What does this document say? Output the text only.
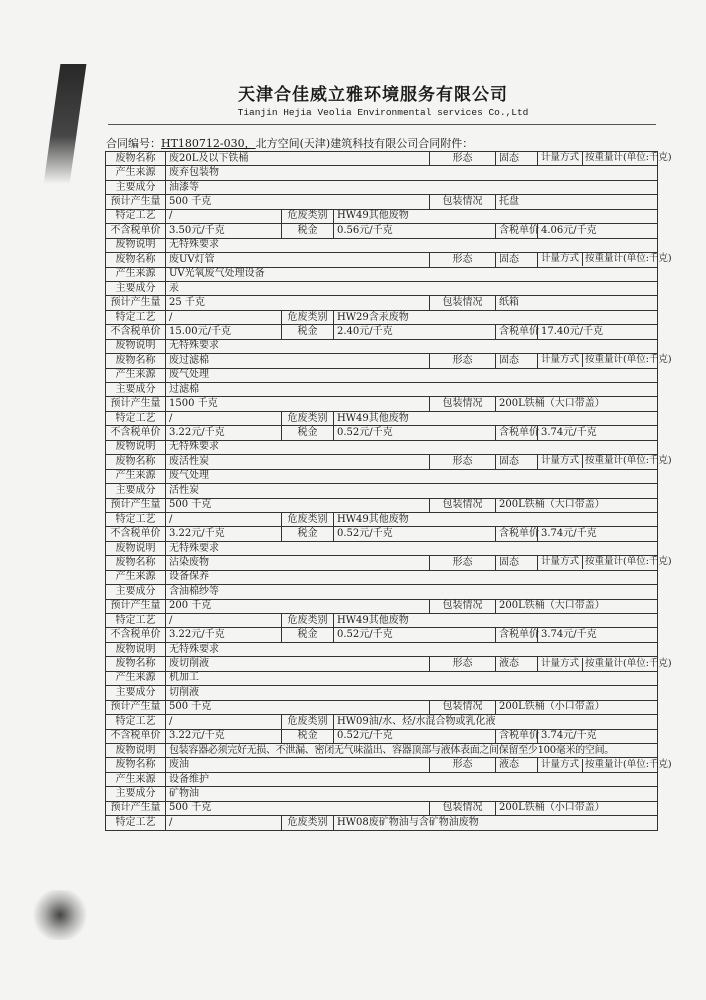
天津合佳威立雅环境服务有限公司
Tianjin Hejia Veolia Environmental services Co.,Ltd
合同编号：HT180712-030，北方空间(天津)建筑科技有限公司合同附件：
废物名称	废20L及以下铁桶			形态	固态	计量方式 按重量计(单位:千克)
产生来源	废弃包装物					
主要成分	油漆等					
预计产生量	500 千克			包装情况	托盘	
特定工艺	/	危废类别	HW49其他废物			
不含税单价	3.50元/千克	税金	0.56元/千克		含税单价	4.06元/千克
废物说明	无特殊要求					
废物名称	废UV灯管			形态	固态	计量方式 按重量计(单位:千克)
产生来源	UV光氧废气处理设备					
主要成分	汞					
预计产生量	25 千克			包装情况	纸箱	
特定工艺	/	危废类别	HW29含汞废物			
不含税单价	15.00元/千克	税金	2.40元/千克		含税单价	17.40元/千克
废物说明	无特殊要求					
废物名称	废过滤棉			形态	固态	计量方式 按重量计(单位:千克)
产生来源	废气处理					
主要成分	过滤棉					
预计产生量	1500 千克			包装情况	200L铁桶（大口带盖）	
特定工艺	/	危废类别	HW49其他废物			
不含税单价	3.22元/千克	税金	0.52元/千克		含税单价	3.74元/千克
废物说明	无特殊要求					
废物名称	废活性炭			形态	固态	计量方式 按重量计(单位:千克)
产生来源	废气处理					
主要成分	活性炭					
预计产生量	500 千克			包装情况	200L铁桶（大口带盖）	
特定工艺	/	危废类别	HW49其他废物			
不含税单价	3.22元/千克	税金	0.52元/千克		含税单价	3.74元/千克
废物说明	无特殊要求					
废物名称	沾染废物			形态	固态	计量方式 按重量计(单位:千克)
产生来源	设备保养					
主要成分	含油棉纱等					
预计产生量	200 千克			包装情况	200L铁桶（大口带盖）	
特定工艺	/	危废类别	HW49其他废物			
不含税单价	3.22元/千克	税金	0.52元/千克		含税单价	3.74元/千克
废物说明	无特殊要求					
废物名称	废切削液			形态	液态	计量方式 按重量计(单位:千克)
产生来源	机加工					
主要成分	切削液					
预计产生量	500 千克			包装情况	200L铁桶（小口带盖）	
特定工艺	/	危废类别	HW09油/水、烃/水混合物或乳化液			
不含税单价	3.22元/千克	税金	0.52元/千克		含税单价	3.74元/千克
废物说明	包装容器必须完好无损、不泄漏、密闭无气味溢出、容器顶部与液体表面之间保留至少100毫米的空间。					
废物名称	废油			形态	液态	计量方式 按重量计(单位:千克)
产生来源	设备维护					
主要成分	矿物油					
预计产生量	500 千克			包装情况	200L铁桶（小口带盖）	
特定工艺	/	危废类别	HW08废矿物油与含矿物油废物			
